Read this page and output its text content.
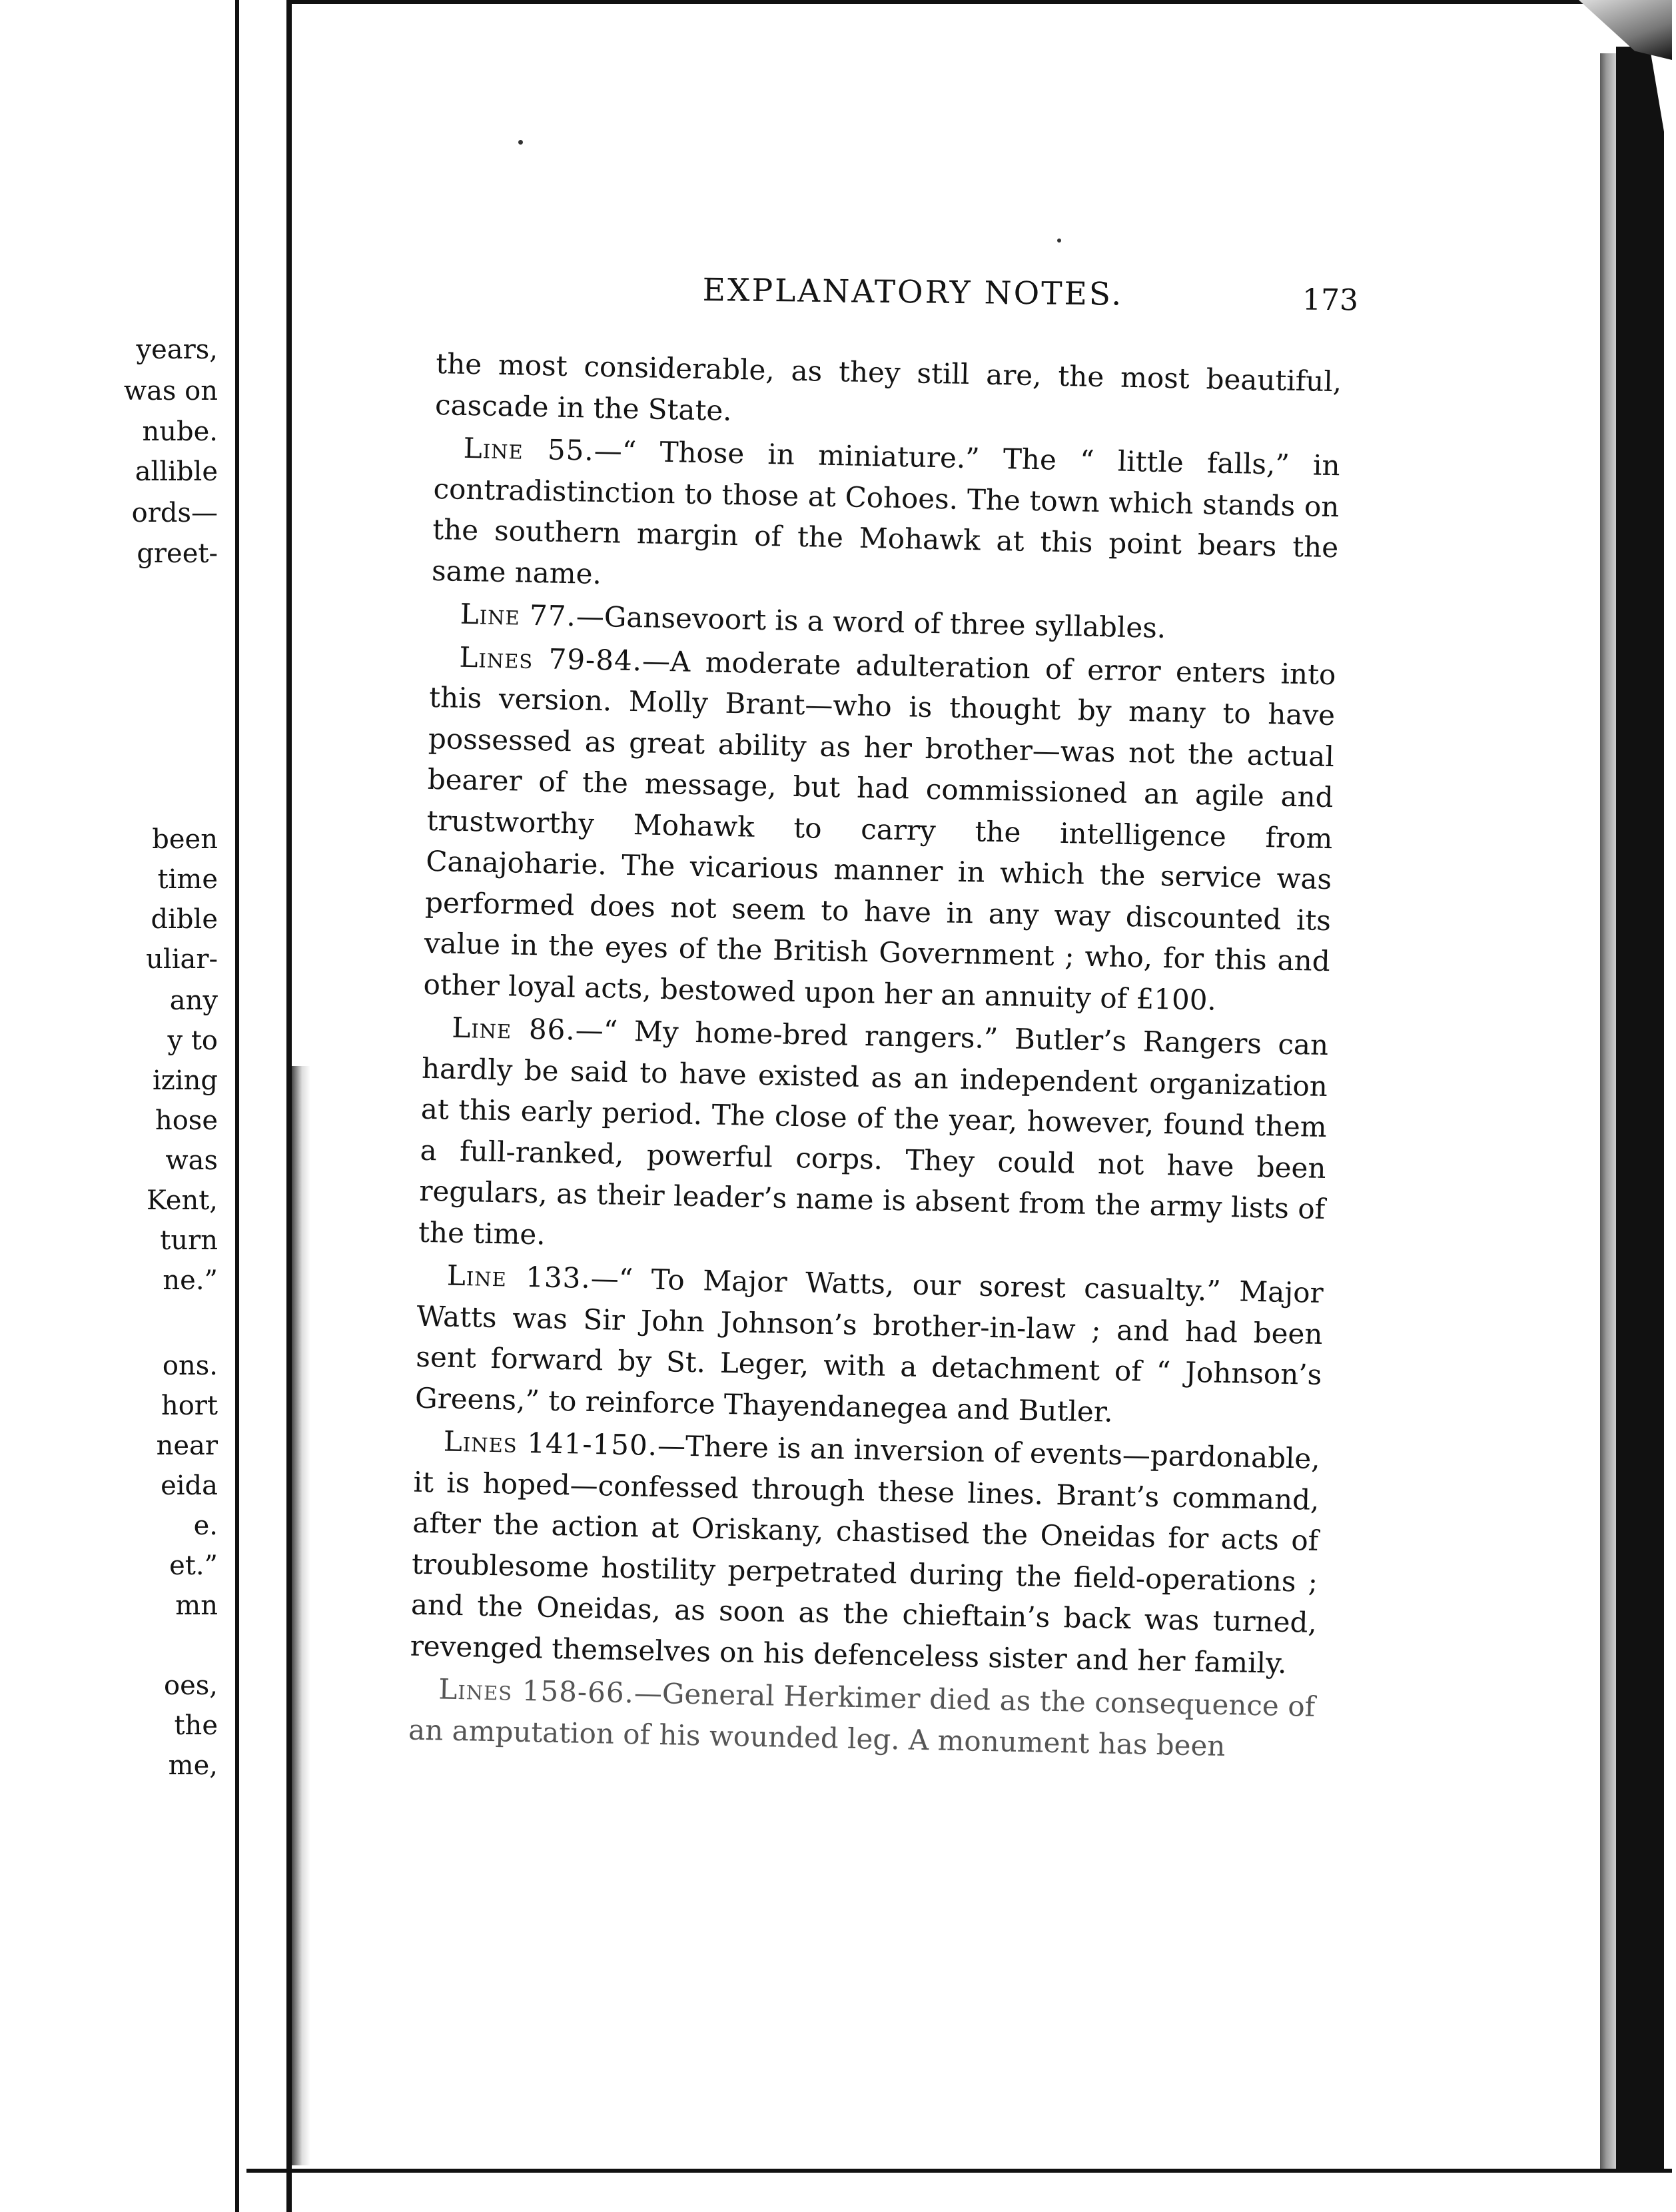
years,
was on
nube.
allible
ords—
greet-
been
time
dible
uliar-
any
y to
izing
hose
was
Kent,
turn
ne.”
ons.
hort
near
eida
e.
et.”
mn
oes,
the
me,
EXPLANATORY NOTES.	173

the most considerable, as they still are, the most beautiful, cascade in the State.

Line 55.—“ Those in miniature.” The “ little falls,” in contradistinction to those at Cohoes. The town which stands on the southern margin of the Mohawk at this point bears the same name.

Line 77.—Gansevoort is a word of three syllables.

Lines 79-84.—A moderate adulteration of error enters into this version. Molly Brant—who is thought by many to have possessed as great ability as her brother—was not the actual bearer of the message, but had commissioned an agile and trustworthy Mohawk to carry the intelligence from Canajoharie. The vicarious manner in which the service was performed does not seem to have in any way discounted its value in the eyes of the British Government ; who, for this and other loyal acts, bestowed upon her an annuity of £100.

Line 86.—“ My home-bred rangers.” Butler’s Rangers can hardly be said to have existed as an independent organization at this early period. The close of the year, however, found them a full-ranked, powerful corps. They could not have been regulars, as their leader’s name is absent from the army lists of the time.

Line 133.—“ To Major Watts, our sorest casualty.” Major Watts was Sir John Johnson’s brother-in-law ; and had been sent forward by St. Leger, with a detachment of “ Johnson’s Greens,” to reinforce Thayendanegea and Butler.

Lines 141-150.—There is an inversion of events—pardonable, it is hoped—confessed through these lines. Brant’s command, after the action at Oriskany, chastised the Oneidas for acts of troublesome hostility perpetrated during the field-operations ; and the Oneidas, as soon as the chieftain’s back was turned, revenged themselves on his defenceless sister and her family.

Lines 158-66.—General Herkimer died as the consequence of an amputation of his wounded leg. A monument has been
